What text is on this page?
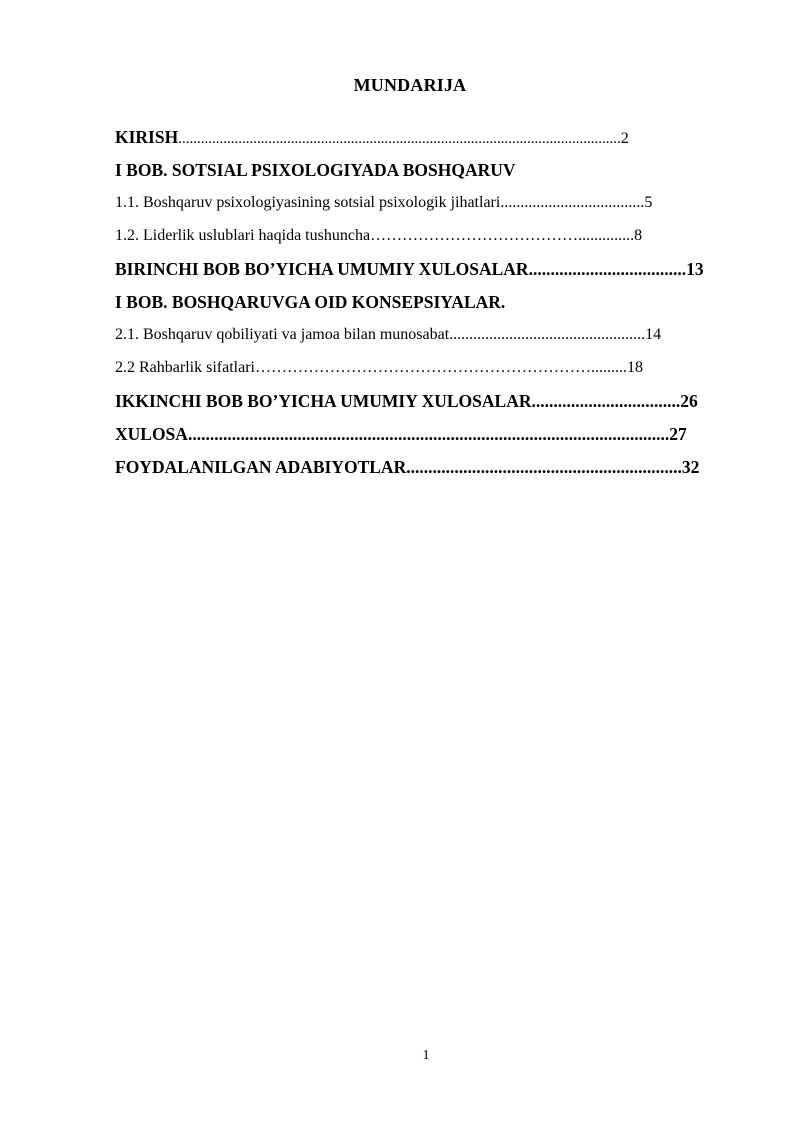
MUNDARIJA
KIRISH......................................................................................................................2
I BOB. SOTSIAL PSIXOLOGIYADA BOSHQARUV
1.1. Boshqaruv psixologiyasining sotsial psixologik jihatlari....................................5
1.2. Liderlik uslublari haqida tushuncha…………………………………..............8
BIRINCHI BOB BO’YICHA UMUMIY XULOSALAR....................................13
I BOB. BOSHQARUVGA OID KONSEPSIYALAR.
2.1. Boshqaruv qobiliyati va jamoa bilan munosabat.................................................14
2.2 Rahbarlik sifatlari……………………………………………………….........18
IKKINCHI BOB BO’YICHA UMUMIY XULOSALAR..................................26
XULOSA..............................................................................................................27
FOYDALANILGAN ADABIYOTLAR...............................................................32
1
